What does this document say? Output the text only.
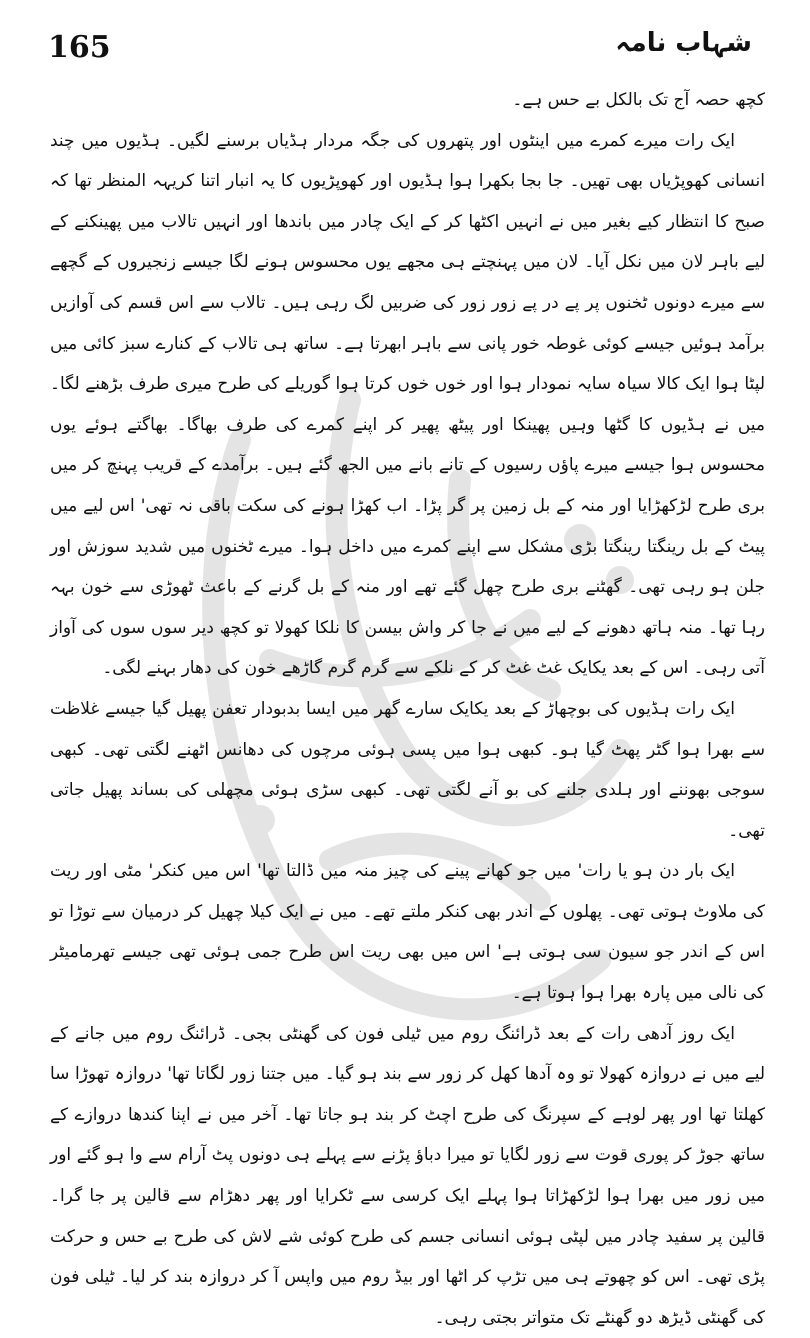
165	شہاب نامہ

کچھ حصہ آج تک بالکل بے حس ہے۔

ایک رات میرے کمرے میں اینٹوں اور پتھروں کی جگہ مردار ہڈیاں برسنے لگیں۔ ہڈیوں میں چند انسانی کھوپڑیاں بھی تھیں۔ جا بجا بکھرا ہوا ہڈیوں اور کھوپڑیوں کا یہ انبار اتنا کریہہ المنظر تھا کہ صبح کا انتظار کیے بغیر میں نے انہیں اکٹھا کر کے ایک چادر میں باندھا اور انہیں تالاب میں پھینکنے کے لیے باہر لان میں نکل آیا۔ لان میں پہنچتے ہی مجھے یوں محسوس ہونے لگا جیسے زنجیروں کے گچھے سے میرے دونوں ٹخنوں پر پے در پے زور زور کی ضربیں لگ رہی ہیں۔ تالاب سے اس قسم کی آوازیں برآمد ہوئیں جیسے کوئی غوطہ خور پانی سے باہر ابھرتا ہے۔ ساتھ ہی تالاب کے کنارے سبز کائی میں لپٹا ہوا ایک کالا سیاہ سایہ نمودار ہوا اور خوں خوں کرتا ہوا گوریلے کی طرح میری طرف بڑھنے لگا۔ میں نے ہڈیوں کا گٹھا وہیں پھینکا اور پیٹھ پھیر کر اپنے کمرے کی طرف بھاگا۔ بھاگتے ہوئے یوں محسوس ہوا جیسے میرے پاؤں رسیوں کے تانے بانے میں الجھ گئے ہیں۔ برآمدے کے قریب پہنچ کر میں بری طرح لڑکھڑایا اور منہ کے بل زمین پر گر پڑا۔ اب کھڑا ہونے کی سکت باقی نہ تھی' اس لیے میں پیٹ کے بل رینگتا رینگتا بڑی مشکل سے اپنے کمرے میں داخل ہوا۔ میرے ٹخنوں میں شدید سوزش اور جلن ہو رہی تھی۔ گھٹنے بری طرح چھل گئے تھے اور منہ کے بل گرنے کے باعث ٹھوڑی سے خون بہہ رہا تھا۔ منہ ہاتھ دھونے کے لیے میں نے جا کر واش بیسن کا نلکا کھولا تو کچھ دیر سوں سوں کی آواز آتی رہی۔ اس کے بعد یکایک غٹ غٹ کر کے نلکے سے گرم گرم گاڑھے خون کی دھار بہنے لگی۔

ایک رات ہڈیوں کی بوچھاڑ کے بعد یکایک سارے گھر میں ایسا بدبودار تعفن پھیل گیا جیسے غلاظت سے بھرا ہوا گٹر پھٹ گیا ہو۔ کبھی ہوا میں پسی ہوئی مرچوں کی دھانس اٹھنے لگتی تھی۔ کبھی سوجی بھوننے اور ہلدی جلنے کی بو آنے لگتی تھی۔ کبھی سڑی ہوئی مچھلی کی بساند پھیل جاتی تھی۔

ایک بار دن ہو یا رات' میں جو کھانے پینے کی چیز منہ میں ڈالتا تھا' اس میں کنکر' مٹی اور ریت کی ملاوٹ ہوتی تھی۔ پھلوں کے اندر بھی کنکر ملتے تھے۔ میں نے ایک کیلا چھیل کر درمیان سے توڑا تو اس کے اندر جو سیون سی ہوتی ہے' اس میں بھی ریت اس طرح جمی ہوئی تھی جیسے تھرمامیٹر کی نالی میں پارہ بھرا ہوا ہوتا ہے۔

ایک روز آدھی رات کے بعد ڈرائنگ روم میں ٹیلی فون کی گھنٹی بجی۔ ڈرائنگ روم میں جانے کے لیے میں نے دروازہ کھولا تو وہ آدھا کھل کر زور سے بند ہو گیا۔ میں جتنا زور لگاتا تھا' دروازہ تھوڑا سا کھلتا تھا اور پھر لوہے کے سپرنگ کی طرح اچٹ کر بند ہو جاتا تھا۔ آخر میں نے اپنا کندھا دروازے کے ساتھ جوڑ کر پوری قوت سے زور لگایا تو میرا دباؤ پڑنے سے پہلے ہی دونوں پٹ آرام سے وا ہو گئے اور میں زور میں بھرا ہوا لڑکھڑاتا ہوا پہلے ایک کرسی سے ٹکرایا اور پھر دھڑام سے قالین پر جا گرا۔ قالین پر سفید چادر میں لپٹی ہوئی انسانی جسم کی طرح کوئی شے لاش کی طرح بے حس و حرکت پڑی تھی۔ اس کو چھوتے ہی میں تڑپ کر اٹھا اور بیڈ روم میں واپس آ کر دروازہ بند کر لیا۔ ٹیلی فون کی گھنٹی ڈیڑھ دو گھنٹے تک متواتر بجتی رہی۔
